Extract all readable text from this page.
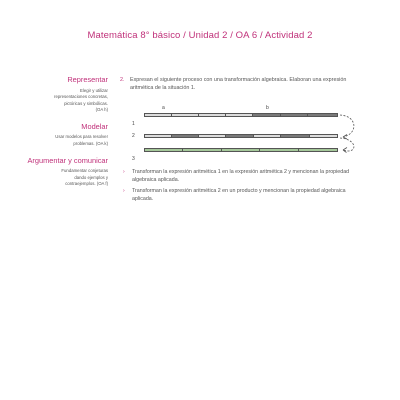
Matemática 8° básico / Unidad 2 / OA 6 / Actividad 2
Representar
Elegir y utilizar
representaciones concretas,
pictóricas y simbólicas.
(OA h)
Modelar
Usar modelos para resolver
problemas. (OA k)
Argumentar y comunicar
Fundamentar conjeturas
dando ejemplos y
contraejemplos. (OA f)
2. Expresan el siguiente proceso con una transformación algebraica. Elaboran una expresión aritmética de la situación 1.
a	b
1
2
3
› Transforman la expresión aritmética 1 en la expresión aritmética 2 y mencionan la propiedad algebraica aplicada.
› Transforman la expresión aritmética 2 en un producto y mencionan la propiedad algebraica aplicada.
